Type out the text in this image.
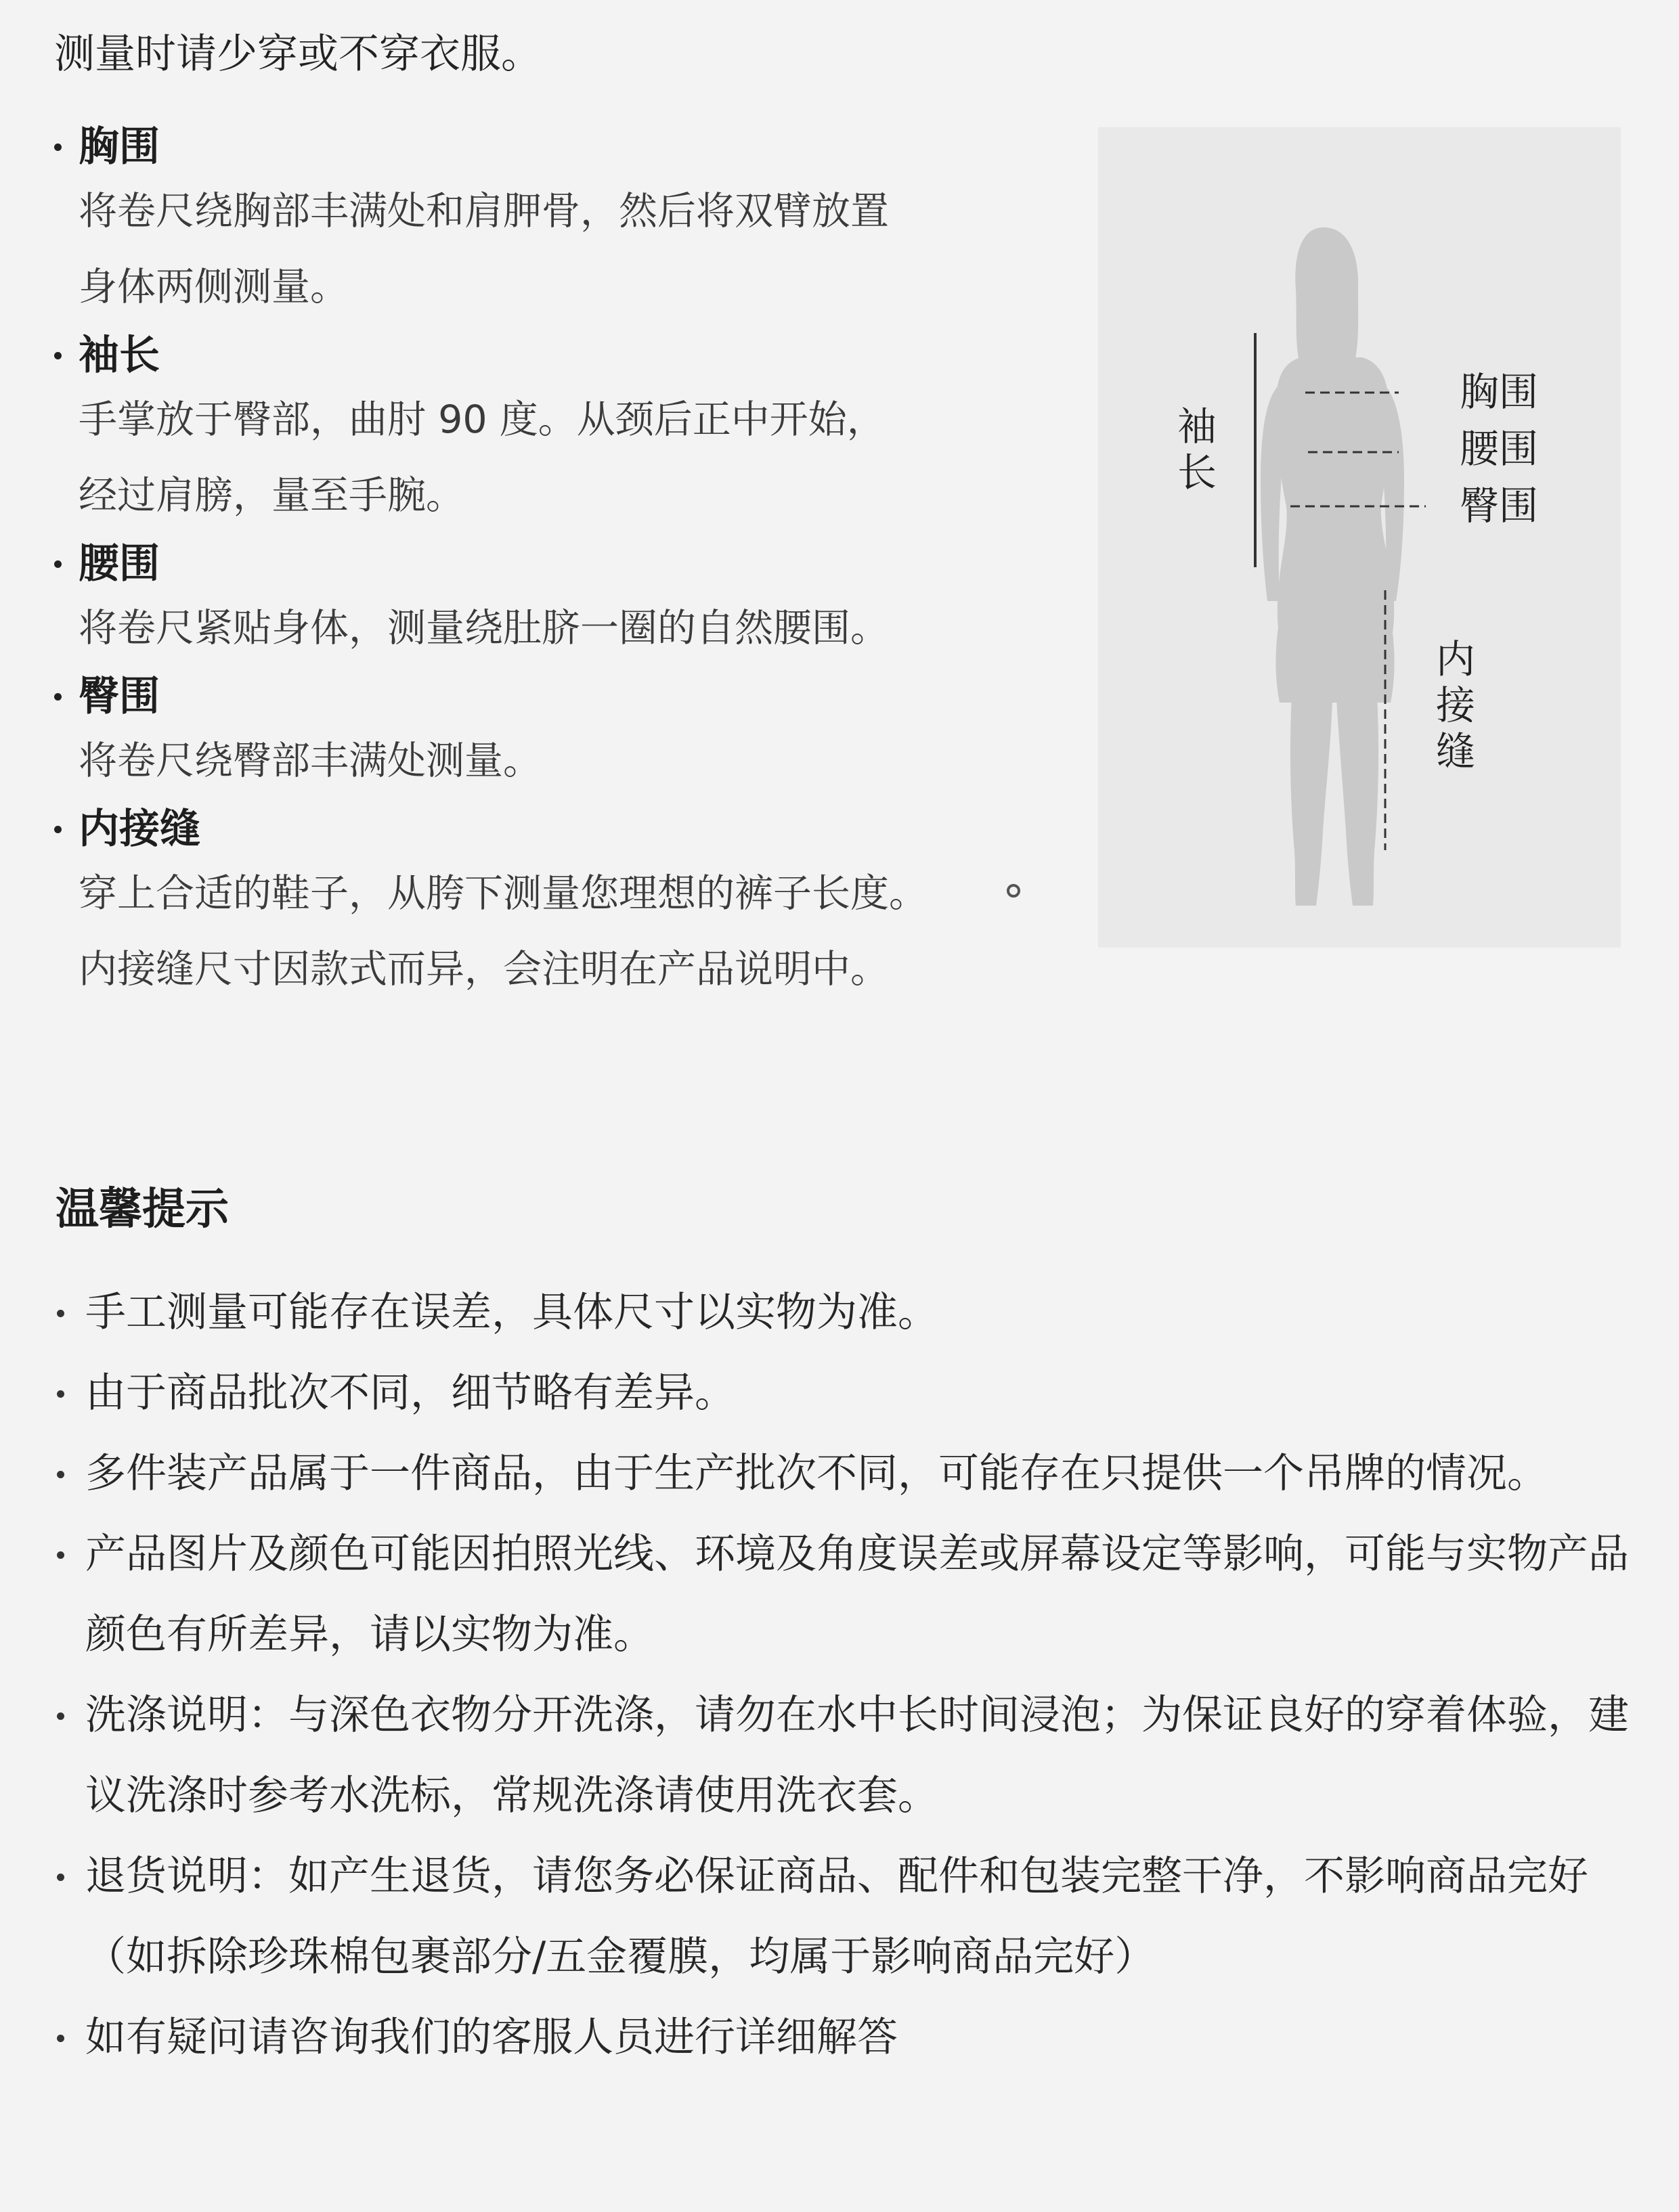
测量时请少穿或不穿衣服。
胸围
将卷尺绕胸部丰满处和肩胛骨，然后将双臂放置
身体两侧测量。
袖长
手掌放于臀部，曲肘 90 度。从颈后正中开始，
经过肩膀，量至手腕。
腰围
将卷尺紧贴身体，测量绕肚脐一圈的自然腰围。
臀围
将卷尺绕臀部丰满处测量。
内接缝
穿上合适的鞋子，从胯下测量您理想的裤子长度。
内接缝尺寸因款式而异，会注明在产品说明中。
袖长
胸围
腰围
臀围
内接缝
温馨提示
手工测量可能存在误差，具体尺寸以实物为准。
由于商品批次不同，细节略有差异。
多件装产品属于一件商品，由于生产批次不同，可能存在只提供一个吊牌的情况。
产品图片及颜色可能因拍照光线、环境及角度误差或屏幕设定等影响，可能与实物产品颜色有所差异，请以实物为准。
洗涤说明：与深色衣物分开洗涤，请勿在水中长时间浸泡；为保证良好的穿着体验，建议洗涤时参考水洗标，常规洗涤请使用洗衣套。
退货说明：如产生退货，请您务必保证商品、配件和包装完整干净，不影响商品完好（如拆除珍珠棉包裹部分/五金覆膜，均属于影响商品完好）
如有疑问请咨询我们的客服人员进行详细解答
